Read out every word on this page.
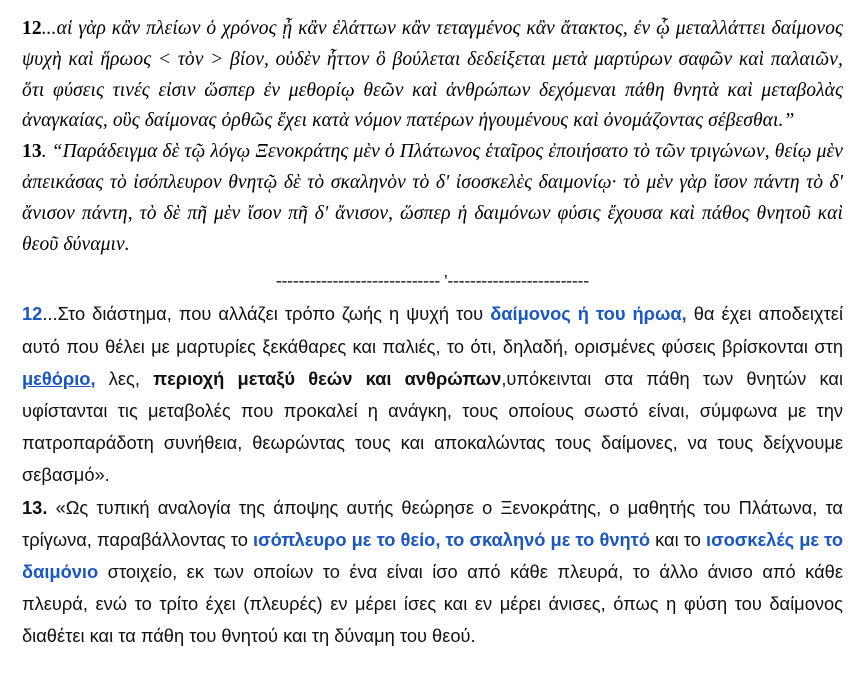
12...αἱ γὰρ κἂν πλείων ὁ χρόνος ᾖ κἂν ἐλάττων κἂν τεταγμένος κἂν ἄτακτος, ἐν ᾧ μεταλλάττει δαίμονος ψυχὴ καὶ ἥρωος < τὸν > βίον, οὐδὲν ἧττον ὃ βούλεται δεδείξεται μετὰ μαρτύρων σαφῶν καὶ παλαιῶν, ὅτι φύσεις τινές εἰσιν ὥσπερ ἐν μεθορίῳ θεῶν καὶ ἀνθρώπων δεχόμεναι πάθη θνητὰ καὶ μεταβολὰς ἀναγκαίας, οὓς δαίμονας ὀρθῶς ἔχει κατὰ νόμον πατέρων ἡγουμένους καὶ ὀνομάζοντας σέβεσθαι.”

13. “Παράδειγμα δὲ τῷ λόγῳ Ξενοκράτης μὲν ὁ Πλάτωνος ἑταῖρος ἐποιήσατο τὸ τῶν τριγώνων, θείῳ μὲν ἀπεικάσας τὸ ἰσόπλευρον θνητῷ δὲ τὸ σκαληνὸν τὸ δ' ἰσοσκελὲς δαιμονίῳ· τὸ μὲν γὰρ ἴσον πάντη τὸ δ' ἄνισον πάντη, τὸ δὲ πῆ μὲν ἴσον πῆ δ' ἄνισον, ὥσπερ ἡ δαιμόνων φύσις ἔχουσα καὶ πάθος θνητοῦ καὶ θεοῦ δύναμιν.

----------------------------- '-------------------------

12...Στο διάστημα, που αλλάζει τρόπο ζωής η ψυχή του δαίμονος ή του ήρωα, θα έχει αποδειχτεί αυτό που θέλει με μαρτυρίες ξεκάθαρες και παλιές, το ότι, δηλαδή, ορισμένες φύσεις βρίσκονται στη μεθόριο, λες, περιοχή μεταξύ θεών και ανθρώπων,υπόκεινται στα πάθη των θνητών και υφίστανται τις μεταβολές που προκαλεί η ανάγκη, τους οποίους σωστό είναι, σύμφωνα με την πατροπαράδοτη συνήθεια, θεωρώντας τους και αποκαλώντας τους δαίμονες, να τους δείχνουμε σεβασμό».

13. «Ως τυπική αναλογία της άποψης αυτής θεώρησε ο Ξενοκράτης, ο μαθητής του Πλάτωνα, τα τρίγωνα, παραβάλλοντας το ισόπλευρο με το θείο, το σκαληνό με το θνητό και το ισοσκελές με το δαιμόνιο στοιχείο, εκ των οποίων το ένα είναι ίσο από κάθε πλευρά, το άλλο άνισο από κάθε πλευρά, ενώ το τρίτο έχει (πλευρές) εν μέρει ίσες και εν μέρει άνισες, όπως η φύση του δαίμονος διαθέτει και τα πάθη του θνητού και τη δύναμη του θεού.
